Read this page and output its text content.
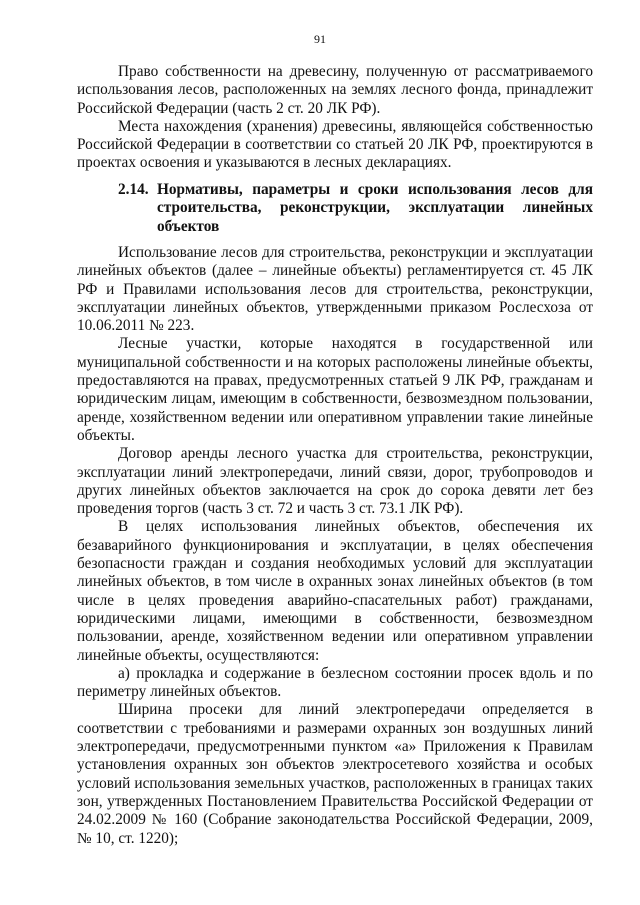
91

Право собственности на древесину, полученную от рассматриваемого использования лесов, расположенных на землях лесного фонда, принадлежит Российской Федерации (часть 2 ст. 20 ЛК РФ).

Места нахождения (хранения) древесины, являющейся собственностью Российской Федерации в соответствии со статьей 20 ЛК РФ, проектируются в проектах освоения и указываются в лесных декларациях.

2.14. Нормативы, параметры и сроки использования лесов для строительства, реконструкции, эксплуатации линейных объектов

Использование лесов для строительства, реконструкции и эксплуатации линейных объектов (далее – линейные объекты) регламентируется ст. 45 ЛК РФ и Правилами использования лесов для строительства, реконструкции, эксплуатации линейных объектов, утвержденными приказом Рослесхоза от 10.06.2011 № 223.

Лесные участки, которые находятся в государственной или муниципальной собственности и на которых расположены линейные объекты, предоставляются на правах, предусмотренных статьей 9 ЛК РФ, гражданам и юридическим лицам, имеющим в собственности, безвозмездном пользовании, аренде, хозяйственном ведении или оперативном управлении такие линейные объекты.

Договор аренды лесного участка для строительства, реконструкции, эксплуатации линий электропередачи, линий связи, дорог, трубопроводов и других линейных объектов заключается на срок до сорока девяти лет без проведения торгов (часть 3 ст. 72 и часть 3 ст. 73.1 ЛК РФ).

В целях использования линейных объектов, обеспечения их безаварийного функционирования и эксплуатации, в целях обеспечения безопасности граждан и создания необходимых условий для эксплуатации линейных объектов, в том числе в охранных зонах линейных объектов (в том числе в целях проведения аварийно-спасательных работ) гражданами, юридическими лицами, имеющими в собственности, безвозмездном пользовании, аренде, хозяйственном ведении или оперативном управлении линейные объекты, осуществляются:

а) прокладка и содержание в безлесном состоянии просек вдоль и по периметру линейных объектов.

Ширина просеки для линий электропередачи определяется в соответствии с требованиями и размерами охранных зон воздушных линий электропередачи, предусмотренными пунктом «а» Приложения к Правилам установления охранных зон объектов электросетевого хозяйства и особых условий использования земельных участков, расположенных в границах таких зон, утвержденных Постановлением Правительства Российской Федерации от 24.02.2009 № 160 (Собрание законодательства Российской Федерации, 2009, № 10, ст. 1220);
